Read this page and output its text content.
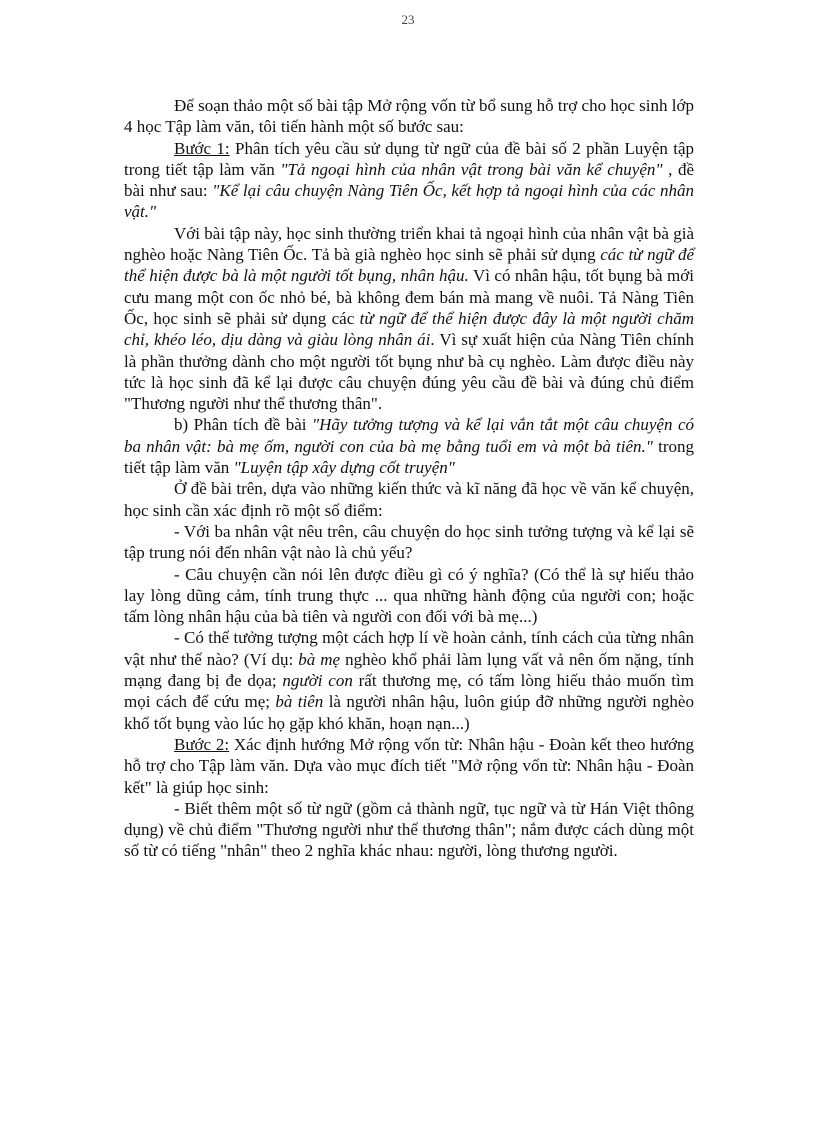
23

Để soạn thảo một số bài tập Mở rộng vốn từ bổ sung hỗ trợ cho học sinh lớp 4 học Tập làm văn, tôi tiến hành một số bước sau:

Bước 1: Phân tích yêu cầu sử dụng từ ngữ của đề bài số 2 phần Luyện tập trong tiết tập làm văn "Tả ngoại hình của nhân vật trong bài văn kể chuyện" , đề bài như sau: "Kể lại câu chuyện Nàng Tiên Ốc, kết hợp tả ngoại hình của các nhân vật."

Với bài tập này, học sinh thường triển khai tả ngoại hình của nhân vật bà già nghèo hoặc Nàng Tiên Ốc. Tả bà già nghèo học sinh sẽ phải sử dụng các từ ngữ để thể hiện được bà là một người tốt bụng, nhân hậu. Vì có nhân hậu, tốt bụng bà mới cưu mang một con ốc nhỏ bé, bà không đem bán mà mang về nuôi. Tả Nàng Tiên Ốc, học sinh sẽ phải sử dụng các từ ngữ để thể hiện được đây là một người chăm chỉ, khéo léo, dịu dàng và giàu lòng nhân ái. Vì sự xuất hiện của Nàng Tiên chính là phần thưởng dành cho một người tốt bụng như bà cụ nghèo. Làm được điều này tức là học sinh đã kể lại được câu chuyện đúng yêu cầu đề bài và đúng chủ điểm "Thương người như thể thương thân".

b) Phân tích đề bài "Hãy tưởng tượng và kể lại vắn tắt một câu chuyện có ba nhân vật: bà mẹ ốm, người con của bà mẹ bằng tuổi em và một bà tiên." trong tiết tập làm văn "Luyện tập xây dựng cốt truyện"

Ở đề bài trên, dựa vào những kiến thức và kĩ năng đã học về văn kể chuyện, học sinh cần xác định rõ một số điểm:

- Với ba nhân vật nêu trên, câu chuyện do học sinh tưởng tượng và kể lại sẽ tập trung nói đến nhân vật nào là chủ yếu?

- Câu chuyện cần nói lên được điều gì có ý nghĩa? (Có thể là sự hiếu thảo lay lòng dũng cảm, tính trung thực ... qua những hành động của người con; hoặc tấm lòng nhân hậu của bà tiên và người con đối với bà mẹ...)

- Có thể tưởng tượng một cách hợp lí về hoàn cảnh, tính cách của từng nhân vật như thế nào? (Ví dụ: bà mẹ nghèo khổ phải làm lụng vất vả nên ốm nặng, tính mạng đang bị đe dọa; người con rất thương mẹ, có tấm lòng hiếu thảo muốn tìm mọi cách để cứu mẹ; bà tiên là người nhân hậu, luôn giúp đỡ những người nghèo khổ tốt bụng vào lúc họ gặp khó khăn, hoạn nạn...)

Bước 2: Xác định hướng Mở rộng vốn từ: Nhân hậu - Đoàn kết theo hướng hỗ trợ cho Tập làm văn. Dựa vào mục đích tiết "Mở rộng vốn từ: Nhân hậu - Đoàn kết" là giúp học sinh:

- Biết thêm một số từ ngữ (gồm cả thành ngữ, tục ngữ và từ Hán Việt thông dụng) về chủ điểm "Thương người như thể thương thân"; nắm được cách dùng một số từ có tiếng "nhân" theo 2 nghĩa khác nhau: người, lòng thương người.
